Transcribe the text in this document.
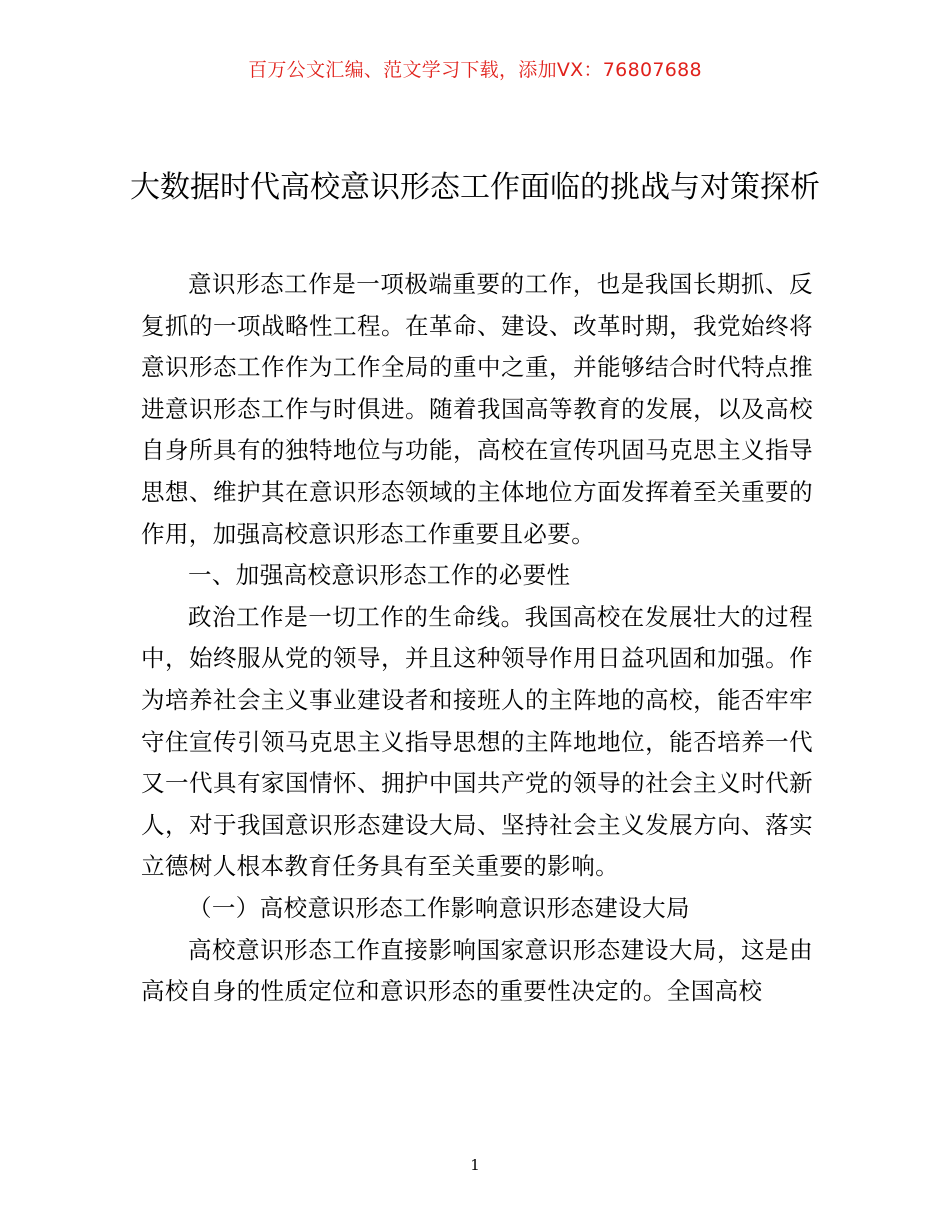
百万公文汇编、范文学习下载，添加VX：76807688
大数据时代高校意识形态工作面临的挑战与对策探析

意识形态工作是一项极端重要的工作，也是我国长期抓、反复抓的一项战略性工程。在革命、建设、改革时期，我党始终将意识形态工作作为工作全局的重中之重，并能够结合时代特点推进意识形态工作与时俱进。随着我国高等教育的发展，以及高校自身所具有的独特地位与功能，高校在宣传巩固马克思主义指导思想、维护其在意识形态领域的主体地位方面发挥着至关重要的作用，加强高校意识形态工作重要且必要。

一、加强高校意识形态工作的必要性

政治工作是一切工作的生命线。我国高校在发展壮大的过程中，始终服从党的领导，并且这种领导作用日益巩固和加强。作为培养社会主义事业建设者和接班人的主阵地的高校，能否牢牢守住宣传引领马克思主义指导思想的主阵地地位，能否培养一代又一代具有家国情怀、拥护中国共产党的领导的社会主义时代新人，对于我国意识形态建设大局、坚持社会主义发展方向、落实立德树人根本教育任务具有至关重要的影响。

（一）高校意识形态工作影响意识形态建设大局

高校意识形态工作直接影响国家意识形态建设大局，这是由高校自身的性质定位和意识形态的重要性决定的。全国高校

1
